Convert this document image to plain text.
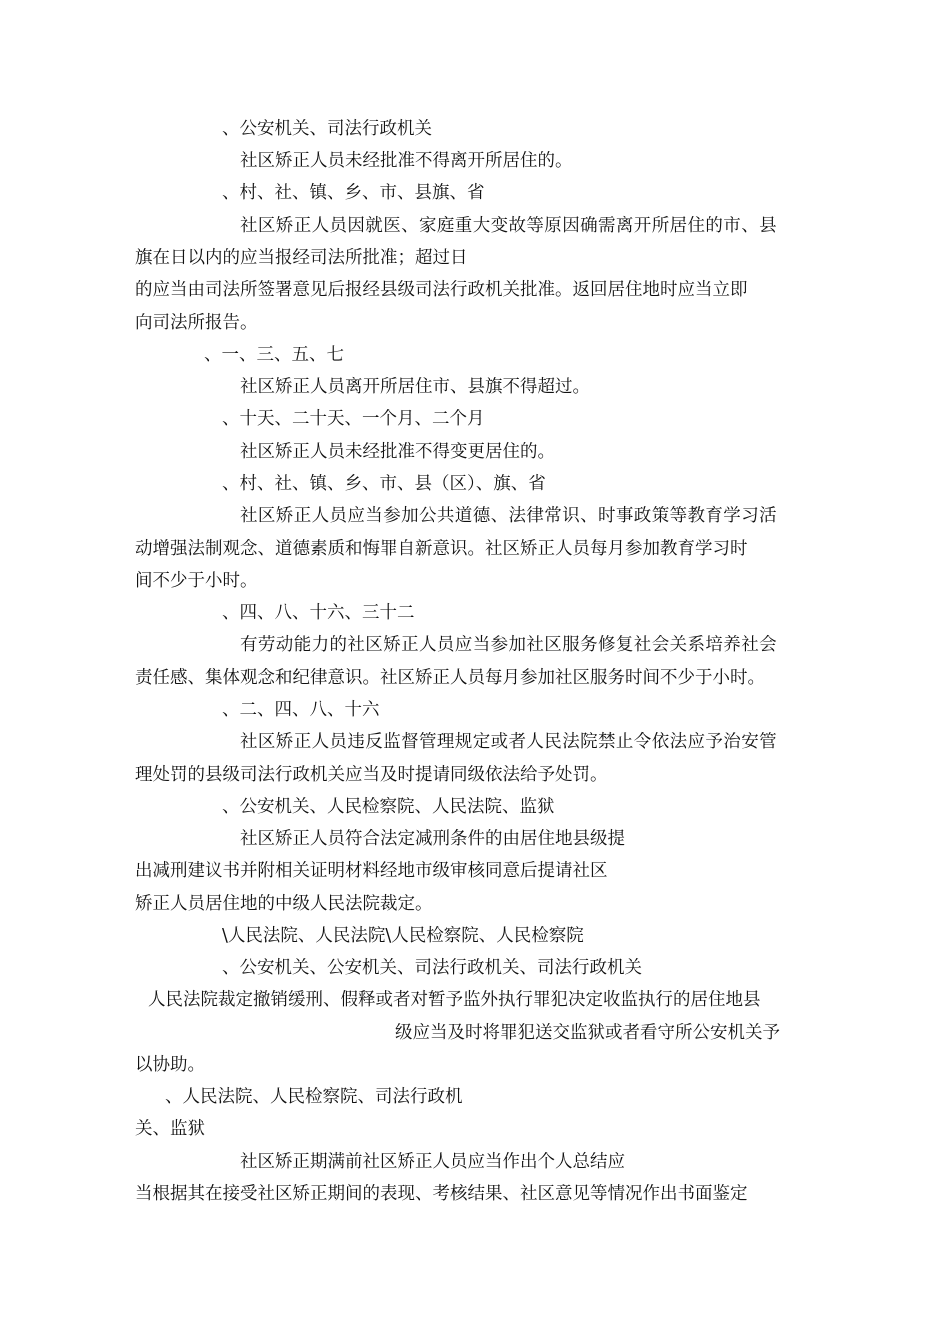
、公安机关、司法行政机关

社区矫正人员未经批准不得离开所居住的。

、村、社、镇、乡、市、县旗、省

社区矫正人员因就医、家庭重大变故等原因确需离开所居住的市、县

旗在日以内的应当报经司法所批准；超过日

的应当由司法所签署意见后报经县级司法行政机关批准。返回居住地时应当立即

向司法所报告。

、一、三、五、七

社区矫正人员离开所居住市、县旗不得超过。

、十天、二十天、一个月、二个月

社区矫正人员未经批准不得变更居住的。

、村、社、镇、乡、市、县（区）、旗、省

社区矫正人员应当参加公共道德、法律常识、时事政策等教育学习活

动增强法制观念、道德素质和悔罪自新意识。社区矫正人员每月参加教育学习时

间不少于小时。

、四、八、十六、三十二

有劳动能力的社区矫正人员应当参加社区服务修复社会关系培养社会

责任感、集体观念和纪律意识。社区矫正人员每月参加社区服务时间不少于小时。

、二、四、八、十六

社区矫正人员违反监督管理规定或者人民法院禁止令依法应予治安管

理处罚的县级司法行政机关应当及时提请同级依法给予处罚。

、公安机关、人民检察院、人民法院、监狱

社区矫正人员符合法定减刑条件的由居住地县级提

出减刑建议书并附相关证明材料经地市级审核同意后提请社区

矫正人员居住地的中级人民法院裁定。

\人民法院、人民法院\人民检察院、人民检察院

、公安机关、公安机关、司法行政机关、司法行政机关

人民法院裁定撤销缓刑、假释或者对暂予监外执行罪犯决定收监执行的居住地县

级应当及时将罪犯送交监狱或者看守所公安机关予

以协助。

、人民法院、人民检察院、司法行政机

关、监狱

社区矫正期满前社区矫正人员应当作出个人总结应

当根据其在接受社区矫正期间的表现、考核结果、社区意见等情况作出书面鉴定
